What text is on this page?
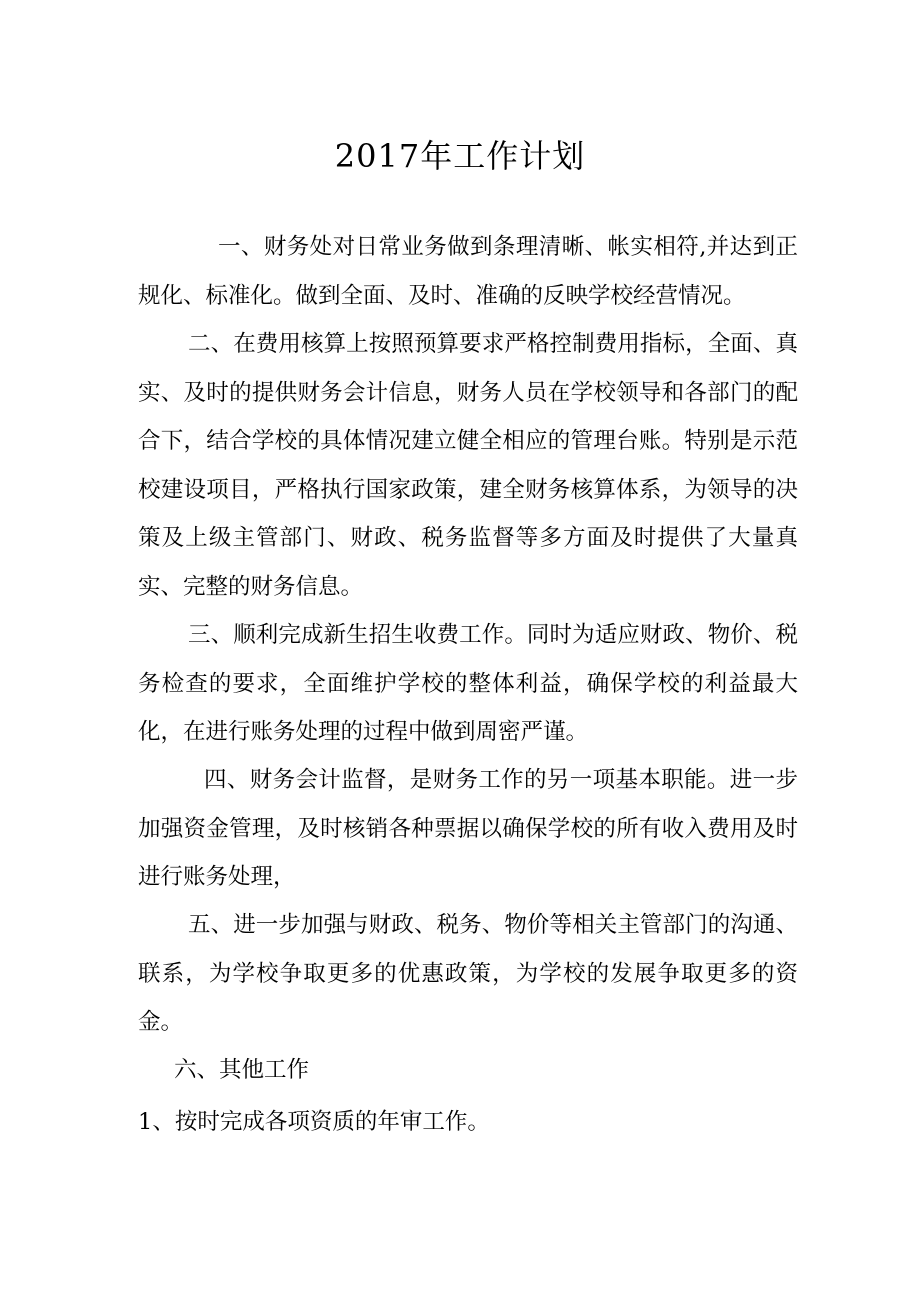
2017年工作计划

一、财务处对日常业务做到条理清晰、帐实相符,并达到正规化、标准化。做到全面、及时、准确的反映学校经营情况。

二、在费用核算上按照预算要求严格控制费用指标，全面、真实、及时的提供财务会计信息，财务人员在学校领导和各部门的配合下，结合学校的具体情况建立健全相应的管理台账。特别是示范校建设项目，严格执行国家政策，建全财务核算体系，为领导的决策及上级主管部门、财政、税务监督等多方面及时提供了大量真实、完整的财务信息。

三、顺利完成新生招生收费工作。同时为适应财政、物价、税务检查的要求，全面维护学校的整体利益，确保学校的利益最大化，在进行账务处理的过程中做到周密严谨。

四、财务会计监督，是财务工作的另一项基本职能。进一步加强资金管理，及时核销各种票据以确保学校的所有收入费用及时进行账务处理，

五、进一步加强与财政、税务、物价等相关主管部门的沟通、联系，为学校争取更多的优惠政策，为学校的发展争取更多的资金。

六、其他工作

1、按时完成各项资质的年审工作。
